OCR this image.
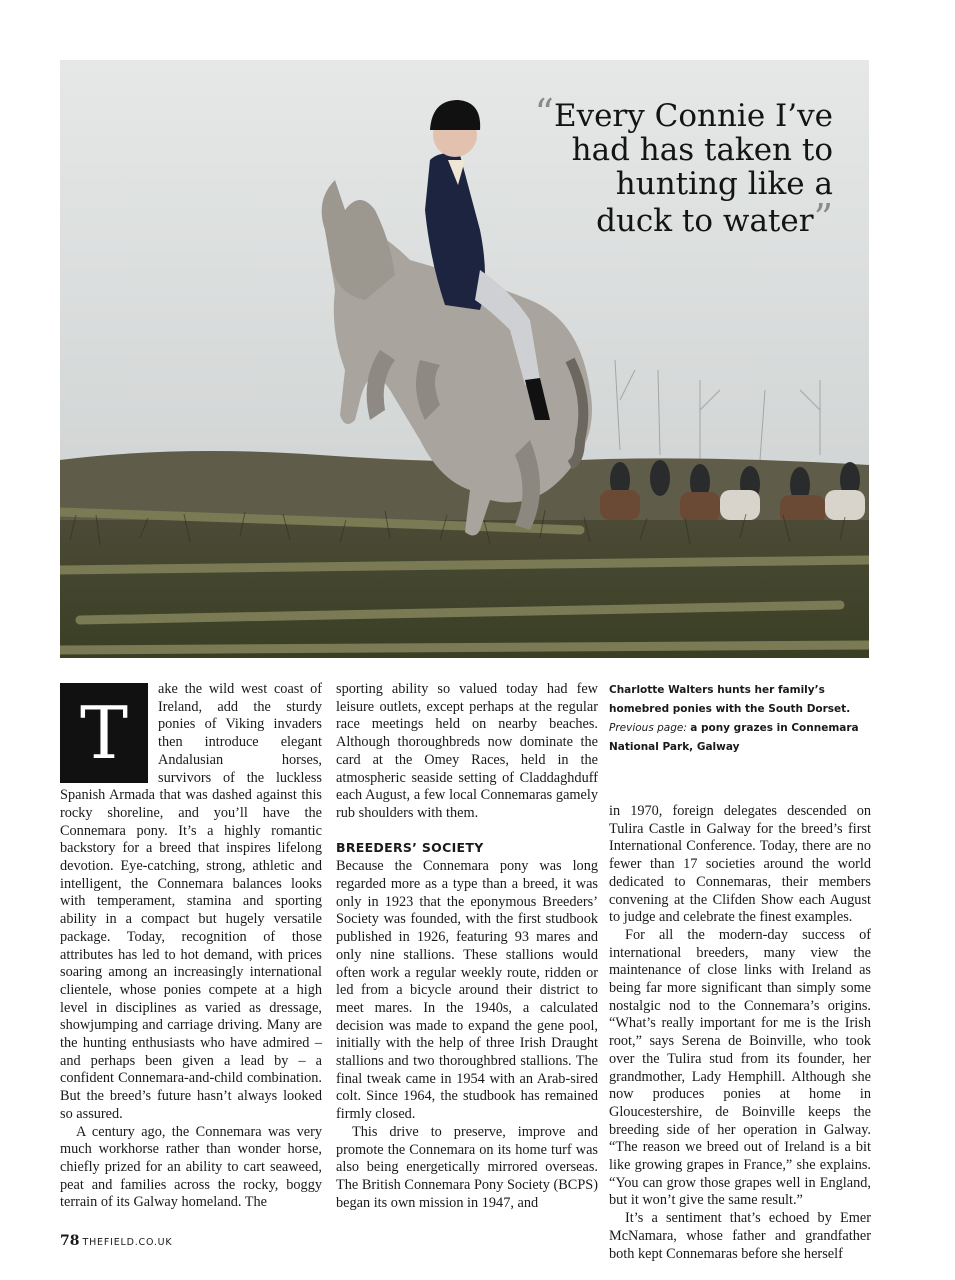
“Every Connie I’ve had has taken to hunting like a duck to water”
T

ake the wild west coast of Ireland, add the sturdy ponies of Viking invaders then introduce elegant Andalusian horses, survivors of the luckless Spanish Armada that was dashed against this rocky shoreline, and you’ll have the Connemara pony. It’s a highly romantic backstory for a breed that inspires lifelong devotion. Eye-catching, strong, athletic and intelligent, the Connemara balances looks with temperament, stamina and sporting ability in a compact but hugely versatile package. Today, recognition of those attributes has led to hot demand, with prices soaring among an increasingly international clientele, whose ponies compete at a high level in disciplines as varied as dressage, showjumping and carriage driving. Many are the hunting enthusiasts who have admired – and perhaps been given a lead by – a confident Connemara-and-child combination. But the breed’s future hasn’t always looked so assured.

A century ago, the Connemara was very much workhorse rather than wonder horse, chiefly prized for an ability to cart seaweed, peat and families across the rocky, boggy terrain of its Galway homeland. The

sporting ability so valued today had few leisure outlets, except perhaps at the regular race meetings held on nearby beaches. Although thoroughbreds now dominate the card at the Omey Races, held in the atmospheric seaside setting of Claddaghduff each August, a few local Connemaras gamely rub shoulders with them.

BREEDERS’ SOCIETY

Because the Connemara pony was long regarded more as a type than a breed, it was only in 1923 that the eponymous Breeders’ Society was founded, with the first studbook published in 1926, featuring 93 mares and only nine stallions. These stallions would often work a regular weekly route, ridden or led from a bicycle around their district to meet mares. In the 1940s, a calculated decision was made to expand the gene pool, initially with the help of three Irish Draught stallions and two thoroughbred stallions. The final tweak came in 1954 with an Arab-sired colt. Since 1964, the studbook has remained firmly closed.

This drive to preserve, improve and promote the Connemara on its home turf was also being energetically mirrored overseas. The British Connemara Pony Society (BCPS) began its own mission in 1947, and

Charlotte Walters hunts her family’s homebred ponies with the South Dorset. Previous page: a pony grazes in Connemara National Park, Galway

in 1970, foreign delegates descended on Tulira Castle in Galway for the breed’s first International Conference. Today, there are no fewer than 17 societies around the world dedicated to Connemaras, their members convening at the Clifden Show each August to judge and celebrate the finest examples.

For all the modern-day success of international breeders, many view the maintenance of close links with Ireland as being far more significant than simply some nostalgic nod to the Connemara’s origins. “What’s really important for me is the Irish root,” says Serena de Boinville, who took over the Tulira stud from its founder, her grandmother, Lady Hemphill. Although she now produces ponies at home in Gloucestershire, de Boinville keeps the breeding side of her operation in Galway. “The reason we breed out of Ireland is a bit like growing grapes in France,” she explains. “You can grow those grapes well in England, but it won’t give the same result.”

It’s a sentiment that’s echoed by Emer McNamara, whose father and grandfather both kept Connemaras before she herself

78 THEFIELD.CO.UK
